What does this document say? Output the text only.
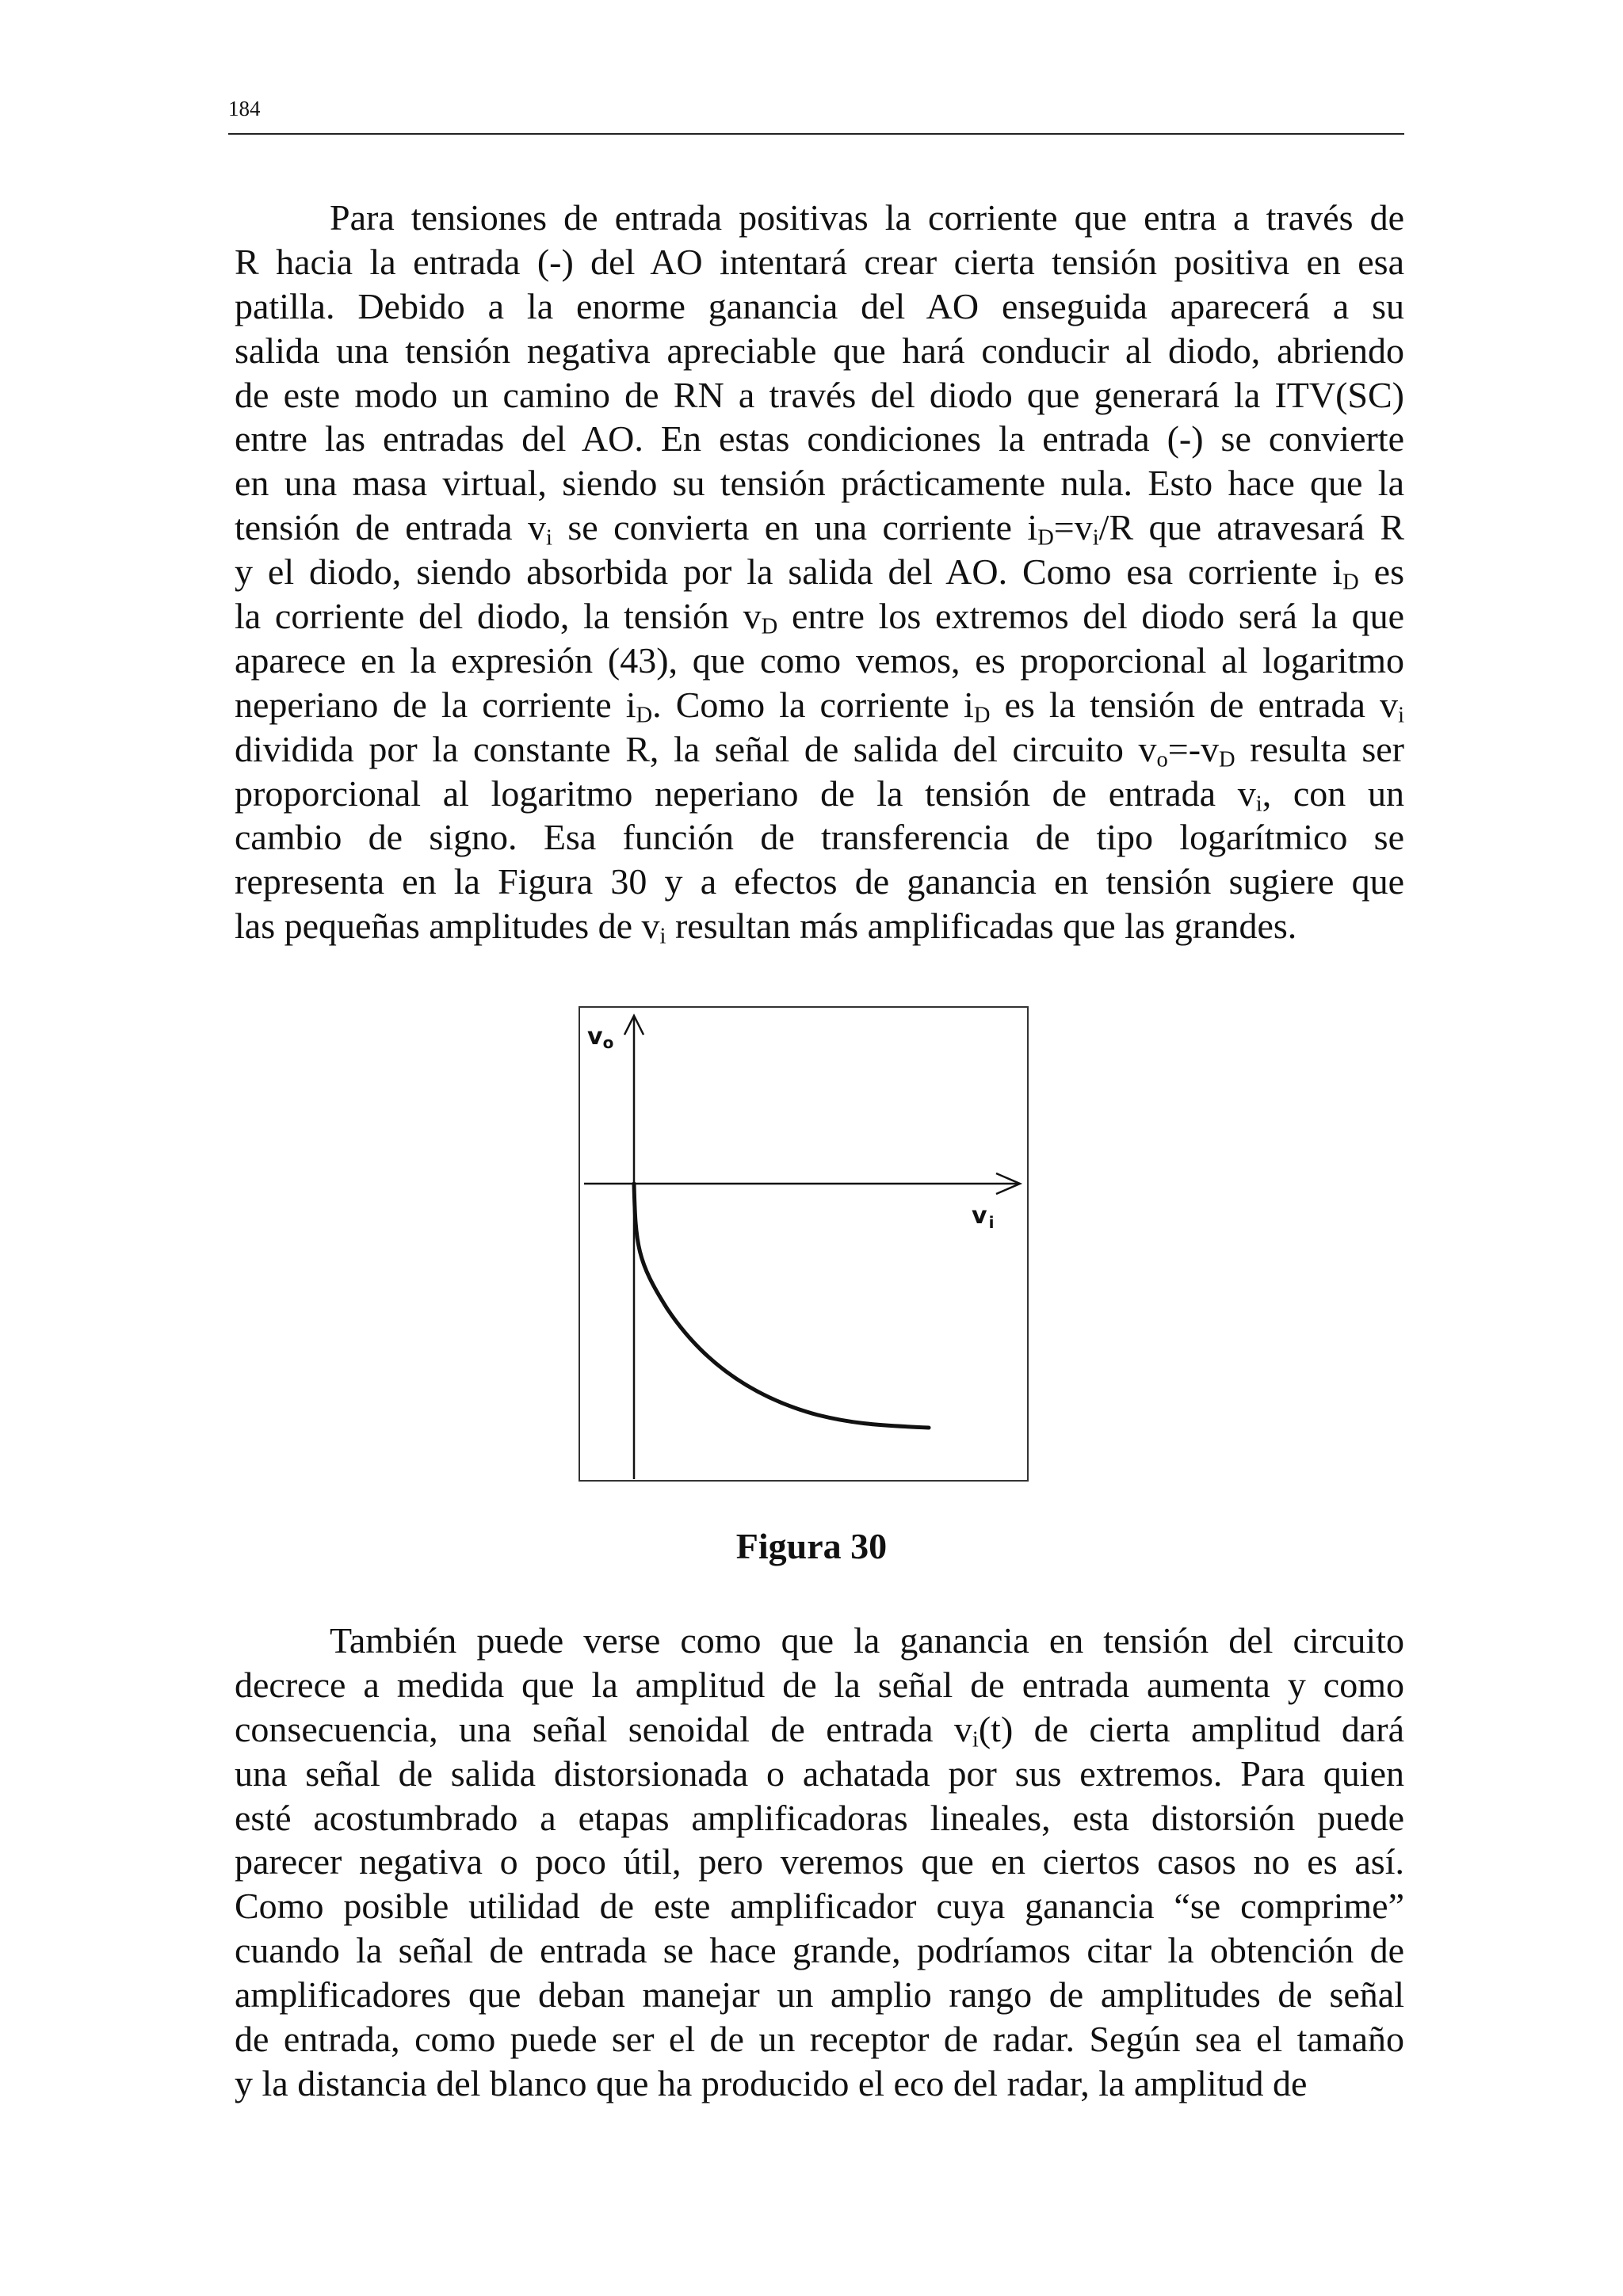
184
Para tensiones de entrada positivas la corriente que entra a través de
R hacia la entrada (-) del AO intentará crear cierta tensión positiva en esa
patilla. Debido a la enorme ganancia del AO enseguida aparecerá a su
salida una tensión negativa apreciable que hará conducir al diodo, abriendo
de este modo un camino de RN a través del diodo que generará la ITV(SC)
entre las entradas del AO. En estas condiciones la entrada (-) se convierte
en una masa virtual, siendo su tensión prácticamente nula. Esto hace que la
tensión de entrada $v_i$ se convierta en una corriente $i_D=v_i/R$ que atravesará R
y el diodo, siendo absorbida por la salida del AO. Como esa corriente $i_D$ es
la corriente del diodo, la tensión $v_D$ entre los extremos del diodo será la que
aparece en la expresión (43), que como vemos, es proporcional al logaritmo
neperiano de la corriente $i_D$. Como la corriente $i_D$ es la tensión de entrada $v_i$
dividida por la constante R, la señal de salida del circuito $v_o=-v_D$ resulta ser
proporcional al logaritmo neperiano de la tensión de entrada $v_i$, con un
cambio de signo. Esa función de transferencia de tipo logarítmico se
representa en la Figura 30 y a efectos de ganancia en tensión sugiere que
las pequeñas amplitudes de $v_i$ resultan más amplificadas que las grandes.
vo
v $_i$
Figura 30
También puede verse como que la ganancia en tensión del circuito
decrece a medida que la amplitud de la señal de entrada aumenta y como
consecuencia, una señal senoidal de entrada $v_i(t)$ de cierta amplitud dará
una señal de salida distorsionada o achatada por sus extremos. Para quien
esté acostumbrado a etapas amplificadoras lineales, esta distorsión puede
parecer negativa o poco útil, pero veremos que en ciertos casos no es así.
Como posible utilidad de este amplificador cuya ganancia “se comprime”
cuando la señal de entrada se hace grande, podríamos citar la obtención de
amplificadores que deban manejar un amplio rango de amplitudes de señal
de entrada, como puede ser el de un receptor de radar. Según sea el tamaño
y la distancia del blanco que ha producido el eco del radar, la amplitud de
